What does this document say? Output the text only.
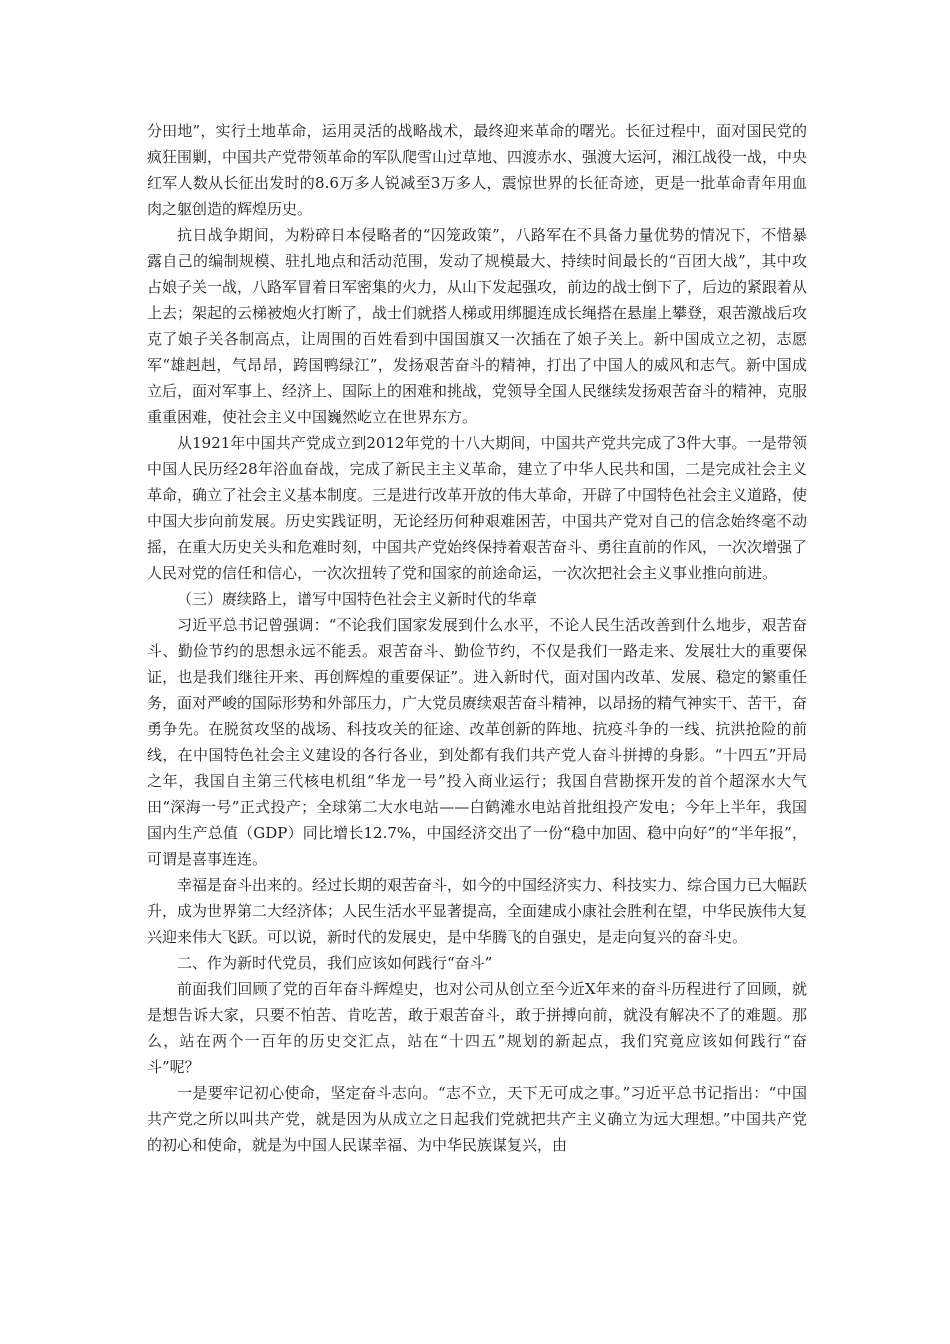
分田地”，实行土地革命，运用灵活的战略战术，最终迎来革命的曙光。长征过程中，面对国民党的疯狂围剿，中国共产党带领革命的军队爬雪山过草地、四渡赤水、强渡大运河，湘江战役一战，中央红军人数从长征出发时的8.6万多人锐减至3万多人，震惊世界的长征奇迹，更是一批革命青年用血肉之躯创造的辉煌历史。

抗日战争期间，为粉碎日本侵略者的“囚笼政策”，八路军在不具备力量优势的情况下，不惜暴露自己的编制规模、驻扎地点和活动范围，发动了规模最大、持续时间最长的“百团大战”，其中攻占娘子关一战，八路军冒着日军密集的火力，从山下发起强攻，前边的战士倒下了，后边的紧跟着从上去；架起的云梯被炮火打断了，战士们就搭人梯或用绑腿连成长绳搭在悬崖上攀登，艰苦激战后攻克了娘子关各制高点，让周围的百姓看到中国国旗又一次插在了娘子关上。新中国成立之初，志愿军“雄赳赳，气昂昂，跨国鸭绿江”，发扬艰苦奋斗的精神，打出了中国人的威风和志气。新中国成立后，面对军事上、经济上、国际上的困难和挑战，党领导全国人民继续发扬艰苦奋斗的精神，克服重重困难，使社会主义中国巍然屹立在世界东方。

从1921年中国共产党成立到2012年党的十八大期间，中国共产党共完成了3件大事。一是带领中国人民历经28年浴血奋战，完成了新民主主义革命，建立了中华人民共和国，二是完成社会主义革命，确立了社会主义基本制度。三是进行改革开放的伟大革命，开辟了中国特色社会主义道路，使中国大步向前发展。历史实践证明，无论经历何种艰难困苦，中国共产党对自己的信念始终毫不动摇，在重大历史关头和危难时刻，中国共产党始终保持着艰苦奋斗、勇往直前的作风，一次次增强了人民对党的信任和信心，一次次扭转了党和国家的前途命运，一次次把社会主义事业推向前进。

（三）赓续路上，谱写中国特色社会主义新时代的华章

习近平总书记曾强调：“不论我们国家发展到什么水平，不论人民生活改善到什么地步，艰苦奋斗、勤俭节约的思想永远不能丢。艰苦奋斗、勤俭节约，不仅是我们一路走来、发展壮大的重要保证，也是我们继往开来、再创辉煌的重要保证”。进入新时代，面对国内改革、发展、稳定的繁重任务，面对严峻的国际形势和外部压力，广大党员赓续艰苦奋斗精神，以昂扬的精气神实干、苦干，奋勇争先。在脱贫攻坚的战场、科技攻关的征途、改革创新的阵地、抗疫斗争的一线、抗洪抢险的前线，在中国特色社会主义建设的各行各业，到处都有我们共产党人奋斗拼搏的身影。“十四五”开局之年，我国自主第三代核电机组“华龙一号”投入商业运行；我国自营勘探开发的首个超深水大气田“深海一号”正式投产；全球第二大水电站——白鹤滩水电站首批组投产发电；今年上半年，我国国内生产总值（GDP）同比增长12.7%，中国经济交出了一份“稳中加固、稳中向好”的“半年报”，可谓是喜事连连。

幸福是奋斗出来的。经过长期的艰苦奋斗，如今的中国经济实力、科技实力、综合国力已大幅跃升，成为世界第二大经济体；人民生活水平显著提高，全面建成小康社会胜利在望，中华民族伟大复兴迎来伟大飞跃。可以说，新时代的发展史，是中华腾飞的自强史，是走向复兴的奋斗史。

二、作为新时代党员，我们应该如何践行“奋斗”

前面我们回顾了党的百年奋斗辉煌史，也对公司从创立至今近X年来的奋斗历程进行了回顾，就是想告诉大家，只要不怕苦、肯吃苦，敢于艰苦奋斗，敢于拼搏向前，就没有解决不了的难题。那么，站在两个一百年的历史交汇点，站在“十四五”规划的新起点，我们究竟应该如何践行“奋斗”呢？

一是要牢记初心使命，坚定奋斗志向。“志不立，天下无可成之事。”习近平总书记指出：“中国共产党之所以叫共产党，就是因为从成立之日起我们党就把共产主义确立为远大理想。”中国共产党的初心和使命，就是为中国人民谋幸福、为中华民族谋复兴，由
